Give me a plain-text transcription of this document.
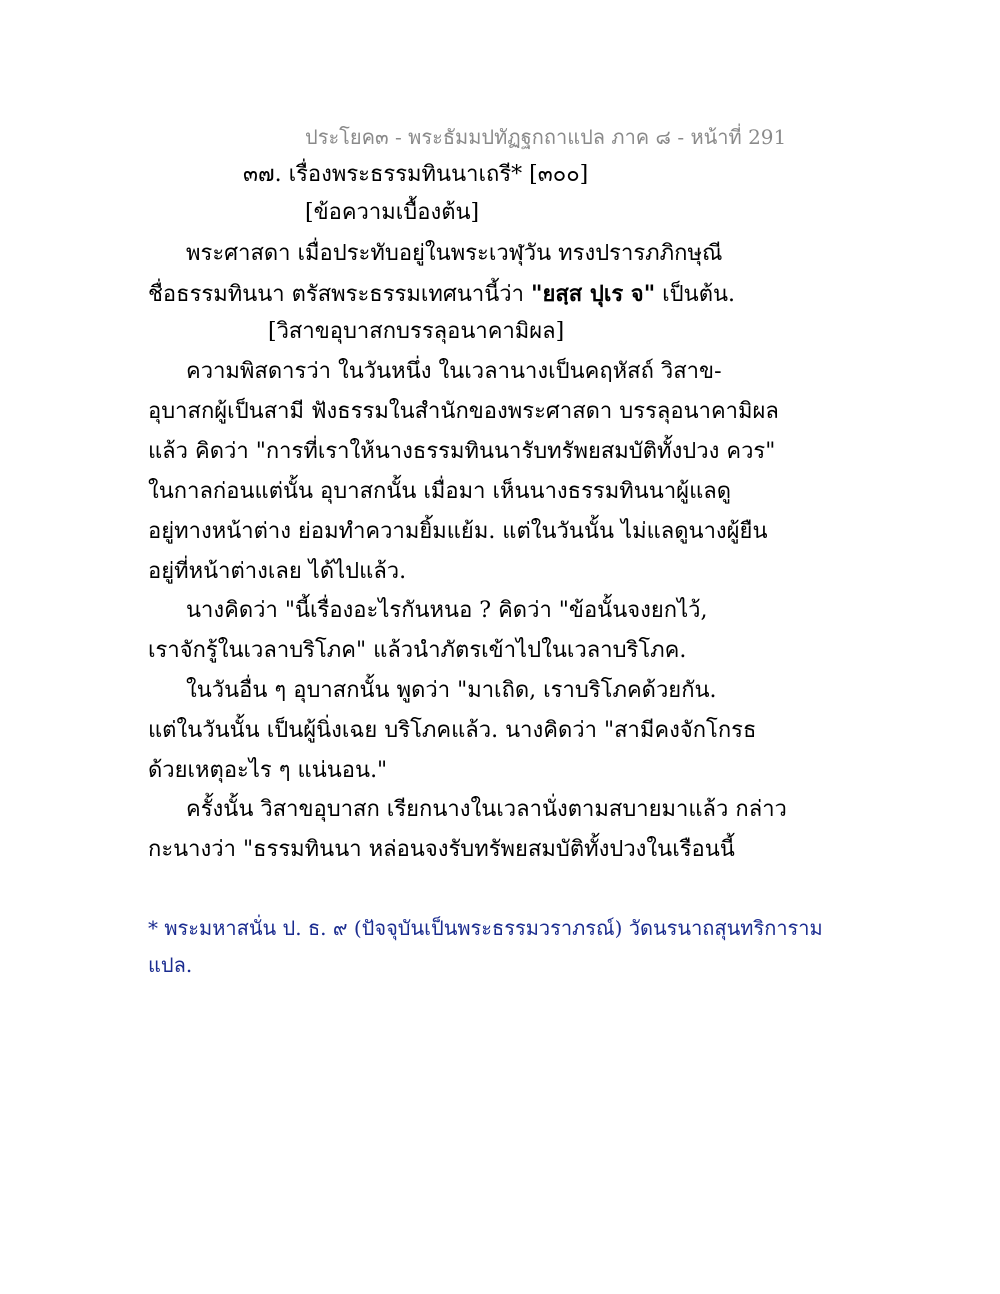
ประโยค๓ - พระธัมมปทัฏฐกถาแปล ภาค ๘ - หน้าที่ 291
๓๗. เรื่องพระธรรมทินนาเถรี* [๓๐๐]
[ข้อความเบื้องต้น]
พระศาสดา เมื่อประทับอยู่ในพระเวฬุวัน ทรงปรารภภิกษุณี
ชื่อธรรมทินนา ตรัสพระธรรมเทศนานี้ว่า "ยสฺส ปุเร จ" เป็นต้น.
[วิสาขอุบาสกบรรลุอนาคามิผล]
ความพิสดารว่า ในวันหนึ่ง ในเวลานางเป็นคฤหัสถ์ วิสาข-
อุบาสกผู้เป็นสามี ฟังธรรมในสำนักของพระศาสดา บรรลุอนาคามิผล
แล้ว คิดว่า "การที่เราให้นางธรรมทินนารับทรัพยสมบัติทั้งปวง ควร"
ในกาลก่อนแต่นั้น อุบาสกนั้น เมื่อมา เห็นนางธรรมทินนาผู้แลดู
อยู่ทางหน้าต่าง ย่อมทำความยิ้มแย้ม. แต่ในวันนั้น ไม่แลดูนางผู้ยืน
อยู่ที่หน้าต่างเลย ได้ไปแล้ว.
นางคิดว่า "นี้เรื่องอะไรกันหนอ ? คิดว่า "ข้อนั้นจงยกไว้,
เราจักรู้ในเวลาบริโภค" แล้วนำภัตรเข้าไปในเวลาบริโภค.
ในวันอื่น ๆ อุบาสกนั้น พูดว่า "มาเถิด, เราบริโภคด้วยกัน.
แต่ในวันนั้น เป็นผู้นิ่งเฉย บริโภคแล้ว. นางคิดว่า "สามีคงจักโกรธ
ด้วยเหตุอะไร ๆ แน่นอน."
ครั้งนั้น วิสาขอุบาสก เรียกนางในเวลานั่งตามสบายมาแล้ว กล่าว
กะนางว่า "ธรรมทินนา หล่อนจงรับทรัพยสมบัติทั้งปวงในเรือนนี้
* พระมหาสนั่น ป. ธ. ๙ (ปัจจุบันเป็นพระธรรมวราภรณ์) วัดนรนาถสุนทริการาม
แปล.
